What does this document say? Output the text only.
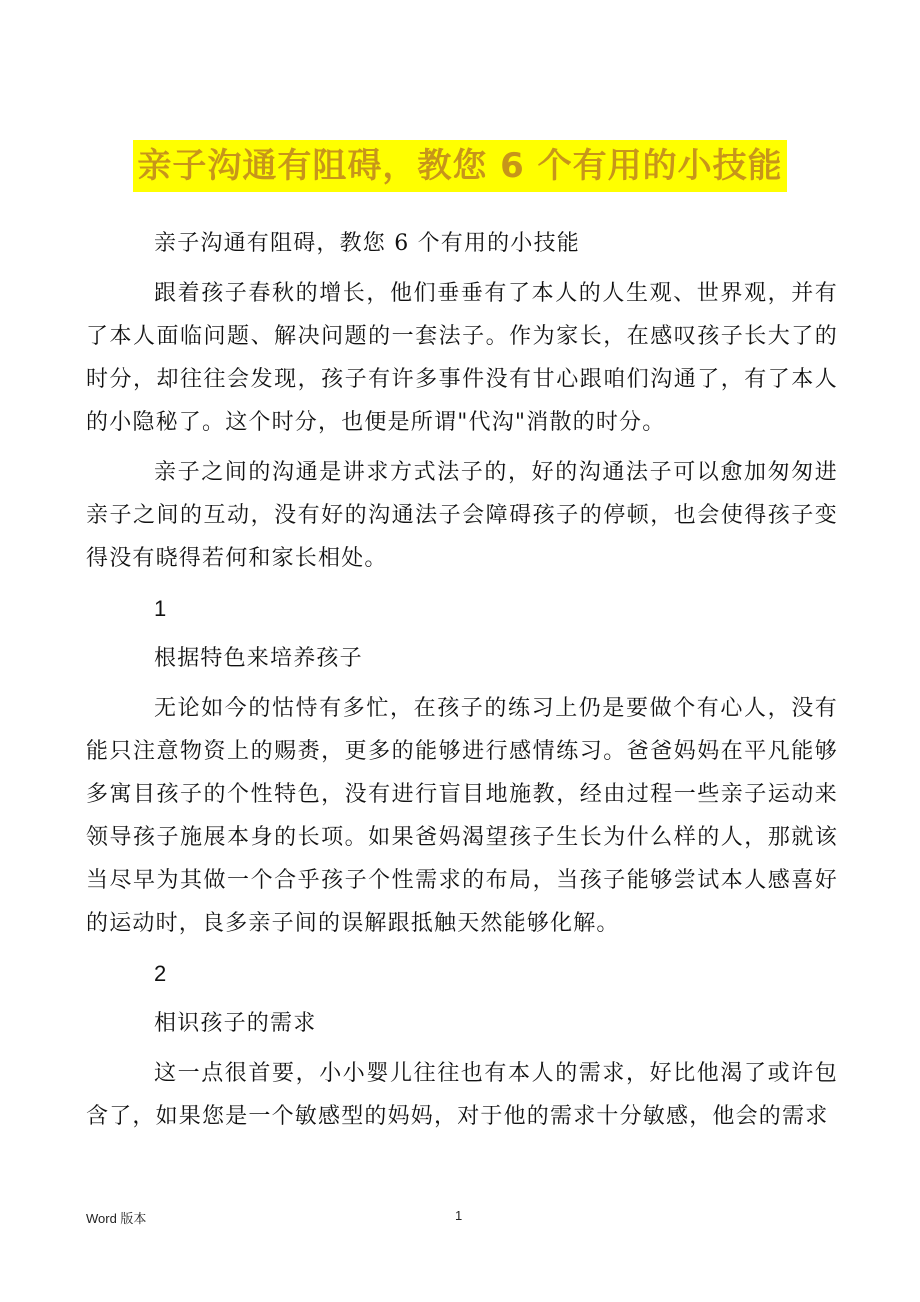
亲子沟通有阻碍，教您 6 个有用的小技能

亲子沟通有阻碍，教您 6 个有用的小技能

跟着孩子春秋的增长，他们垂垂有了本人的人生观、世界观，并有了本人面临问题、解决问题的一套法子。作为家长，在感叹孩子长大了的时分，却往往会发现，孩子有许多事件没有甘心跟咱们沟通了，有了本人的小隐秘了。这个时分，也便是所谓"代沟"消散的时分。

亲子之间的沟通是讲求方式法子的，好的沟通法子可以愈加匆匆进亲子之间的互动，没有好的沟通法子会障碍孩子的停顿，也会使得孩子变得没有晓得若何和家长相处。

1

根据特色来培养孩子

无论如今的怙恃有多忙，在孩子的练习上仍是要做个有心人，没有能只注意物资上的赐赉，更多的能够进行感情练习。爸爸妈妈在平凡能够多寓目孩子的个性特色，没有进行盲目地施教，经由过程一些亲子运动来领导孩子施展本身的长项。如果爸妈渴望孩子生长为什么样的人，那就该当尽早为其做一个合乎孩子个性需求的布局，当孩子能够尝试本人感喜好的运动时，良多亲子间的误解跟抵触天然能够化解。

2

相识孩子的需求

这一点很首要，小小婴儿往往也有本人的需求，好比他渴了或许包含了，如果您是一个敏感型的妈妈，对于他的需求十分敏感，他会的需求

Word 版本	1
